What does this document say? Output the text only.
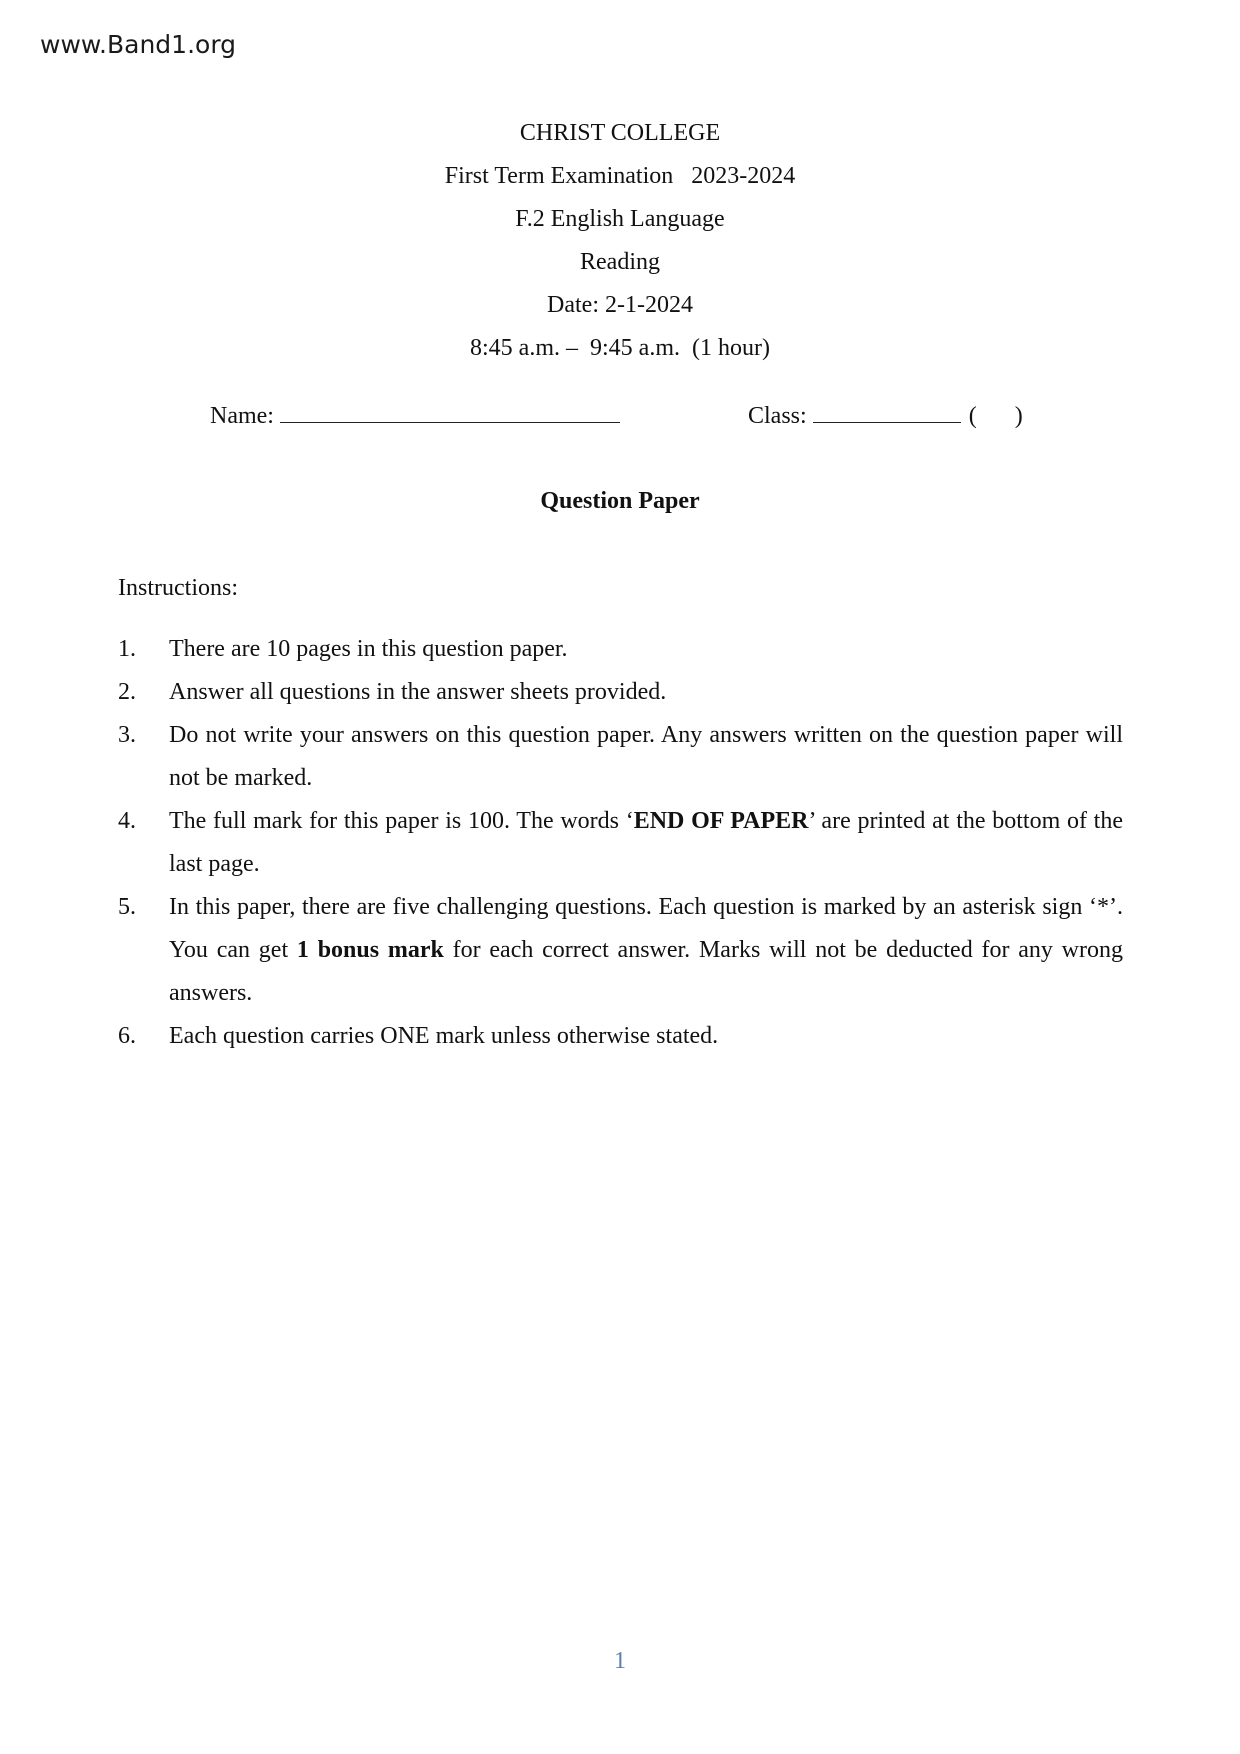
www.Band1.org
CHRIST COLLEGE
First Term Examination   2023-2024
F.2 English Language
Reading
Date: 2-1-2024
8:45 a.m. –  9:45 a.m.  (1 hour)
Name:	Class:	( )
Question Paper
Instructions:
1.	There are 10 pages in this question paper.
2.	Answer all questions in the answer sheets provided.
3.	Do not write your answers on this question paper. Any answers written on the question paper will not be marked.
4.	The full mark for this paper is 100. The words ‘END OF PAPER’ are printed at the bottom of the last page.
5.	In this paper, there are five challenging questions. Each question is marked by an asterisk sign ‘*’. You can get 1 bonus mark for each correct answer. Marks will not be deducted for any wrong answers.
6.	Each question carries ONE mark unless otherwise stated.
1
